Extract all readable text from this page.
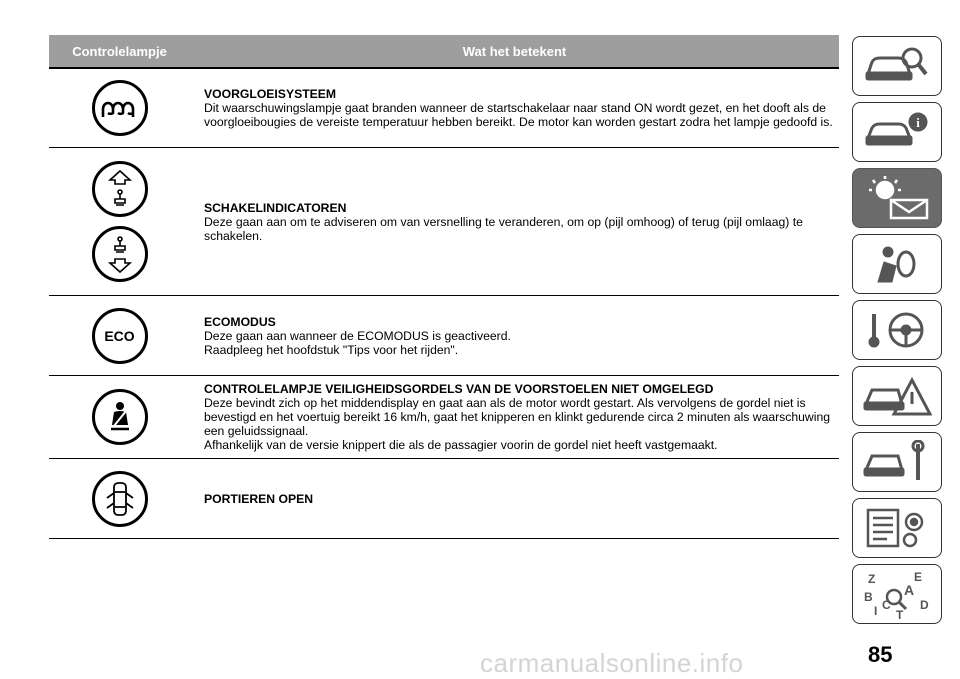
Controlelampje	Wat het betekent
VOORGLOEISYSTEEM
Dit waarschuwingslampje gaat branden wanneer de startschakelaar naar stand ON wordt gezet, en het dooft als de voorgloeibougies de vereiste temperatuur hebben bereikt. De motor kan worden gestart zodra het lampje gedoofd is.
SCHAKELINDICATOREN
Deze gaan aan om te adviseren om van versnelling te veranderen, om op (pijl omhoog) of terug (pijl omlaag) te schakelen.
ECO
ECOMODUS
Deze gaan aan wanneer de ECOMODUS is geactiveerd.
Raadpleeg het hoofdstuk "Tips voor het rijden".
CONTROLELAMPJE VEILIGHEIDSGORDELS VAN DE VOORSTOELEN NIET OMGELEGD
Deze bevindt zich op het middendisplay en gaat aan als de motor wordt gestart. Als vervolgens de gordel niet is bevestigd en het voertuig bereikt 16 km/h, gaat het knipperen en klinkt gedurende circa 2 minuten als waarschuwing een geluidssignaal.
Afhankelijk van de versie knippert die als de passagier voorin de gordel niet heeft vastgemaakt.
PORTIEREN OPEN
i
Z	E
A
B
C D
I T
85
carmanualsonline.info
